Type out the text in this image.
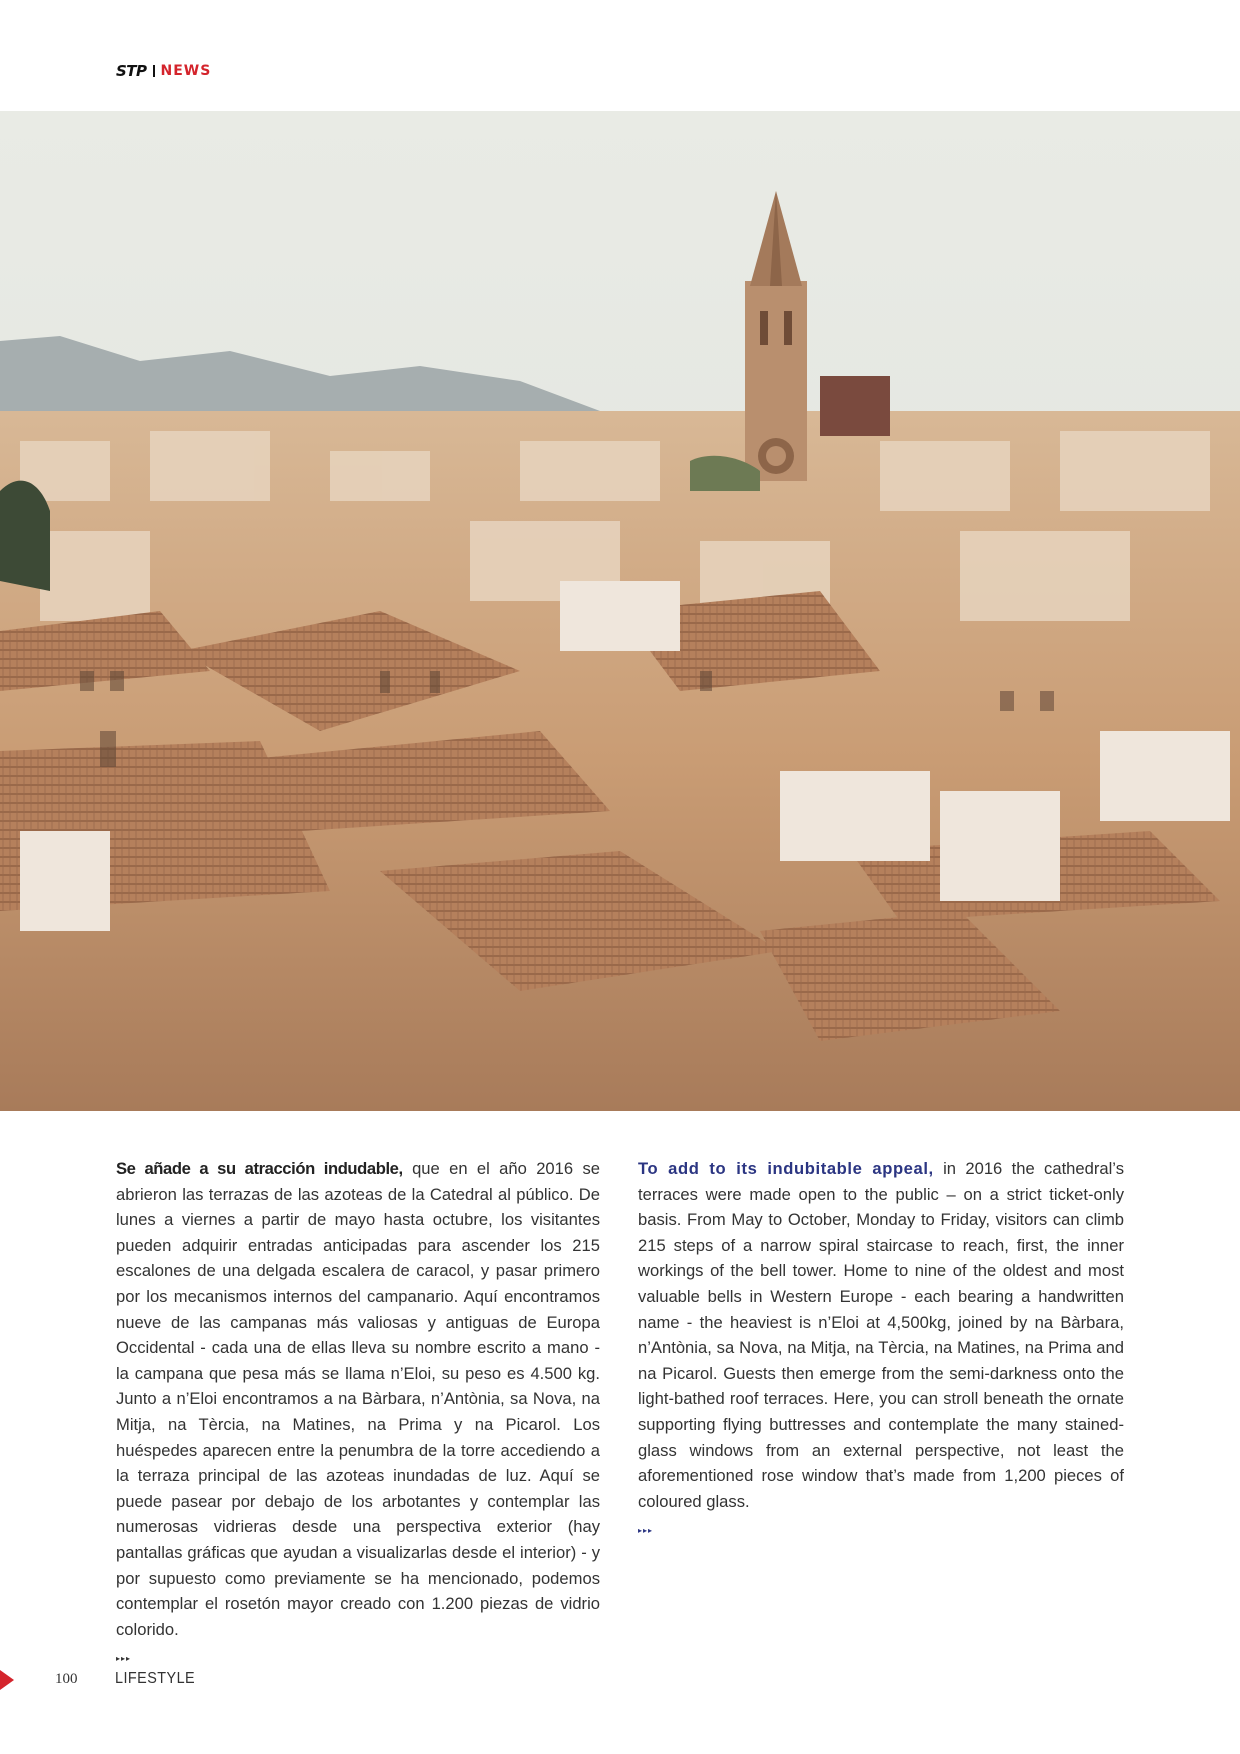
STP NEWS

Se añade a su atracción indudable, que en el año 2016 se abrieron las terrazas de las azoteas de la Catedral al público. De lunes a viernes a partir de mayo hasta octubre, los visitantes pueden adquirir entradas anticipadas para ascender los 215 escalones de una delgada escalera de caracol, y pasar primero por los mecanismos internos del campanario. Aquí encontramos nueve de las campanas más valiosas y antiguas de Europa Occidental - cada una de ellas lleva su nombre escrito a mano - la campana que pesa más se llama n’Eloi, su peso es 4.500 kg. Junto a n’Eloi encontramos a na Bàrbara, n’Antònia, sa Nova, na Mitja, na Tèrcia, na Matines, na Prima y na Picarol. Los huéspedes aparecen entre la penumbra de la torre accediendo a la terraza principal de las azoteas inundadas de luz. Aquí se puede pasear por debajo de los arbotantes y contemplar las numerosas vidrieras desde una perspectiva exterior (hay pantallas gráficas que ayudan a visualizarlas desde el interior) - y por supuesto como previamente se ha mencionado, podemos contemplar el rosetón mayor creado con 1.200 piezas de vidrio colorido.

▸▸▸

To add to its indubitable appeal, in 2016 the cathedral’s terraces were made open to the public – on a strict ticket-only basis. From May to October, Monday to Friday, visitors can climb 215 steps of a narrow spiral staircase to reach, first, the inner workings of the bell tower. Home to nine of the oldest and most valuable bells in Western Europe - each bearing a handwritten name - the heaviest is n’Eloi at 4,500kg, joined by na Bàrbara, n’Antònia, sa Nova, na Mitja, na Tèrcia, na Matines, na Prima and na Picarol. Guests then emerge from the semi-darkness onto the light-bathed roof terraces. Here, you can stroll beneath the ornate supporting flying buttresses and contemplate the many stained-glass windows from an external perspective, not least the aforementioned rose window that’s made from 1,200 pieces of coloured glass.

▸▸▸
100 LIFESTYLE
